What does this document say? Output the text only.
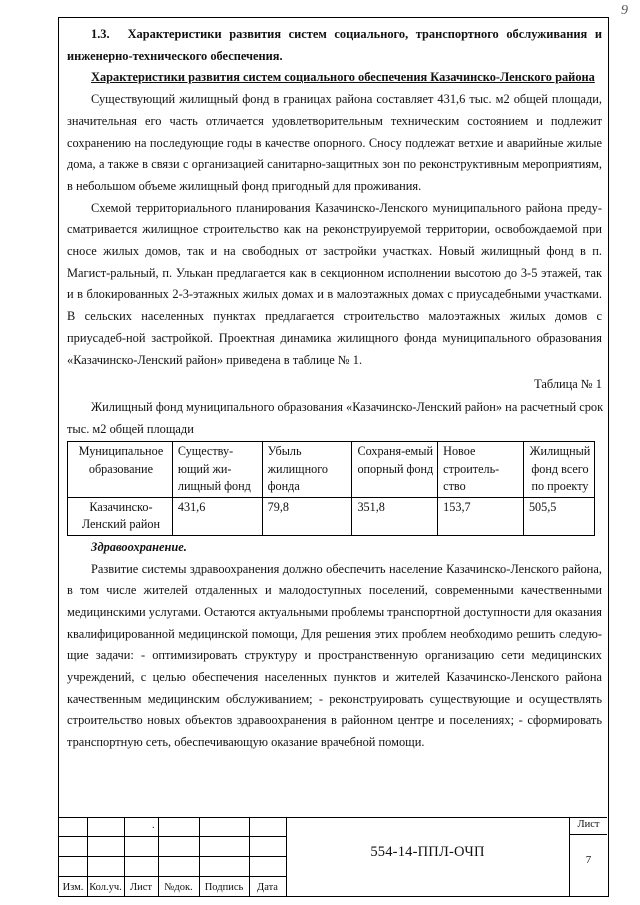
9
1.3. Характеристики развития систем социального, транспортного обслуживания и инженерно-технического обеспечения.
Характеристики развития систем социального обеспечения Казачинско-Ленского района

Существующий жилищный фонд в границах района составляет 431,6 тыс. м2 общей площади, значительная его часть отличается удовлетворительным техническим состоянием и подлежит сохранению на последующие годы в качестве опорного. Сносу подлежат ветхие и аварийные жилые дома, а также в связи с организацией санитарно-защитных зон по реконструктивным мероприятиям, в небольшом объеме жилищный фонд пригодный для проживания.

Схемой территориального планирования Казачинско-Ленского муниципального района преду-сматривается жилищное строительство как на реконструируемой территории, освобождаемой при сносе жилых домов, так и на свободных от застройки участках. Новый жилищный фонд в п. Магист-ральный, п. Улькан предлагается как в секционном исполнении высотою до 3-5 этажей, так и в блокированных 2-3-этажных жилых домах и в малоэтажных домах с приусадебными участками. В сельских населенных пунктах предлагается строительство малоэтажных жилых домов с приусадеб-ной застройкой. Проектная динамика жилищного фонда муниципального образования «Казачинско-Ленский район» приведена в таблице № 1.

Таблица № 1
Жилищный фонд муниципального образования «Казачинско-Ленский район» на расчетный срок
тыс. м2 общей площади
Муниципальное образование	Существу-ющий жи-лищный фонд	Убыль жилищного фонда	Сохраня-емый опорный фонд	Новое строитель-ство	Жилищный фонд всего по проекту
Казачинско-Ленский район	431,6	79,8	351,8	153,7	505,5
Здравоохранение.

Развитие системы здравоохранения должно обеспечить население Казачинско-Ленского района, в том числе жителей отдаленных и малодоступных поселений, современными качественными медицинскими услугами. Остаются актуальными проблемы транспортной доступности для оказания квалифицированной медицинской помощи, Для решения этих проблем необходимо решить следую-щие задачи: - оптимизировать структуру и пространственную организацию сети медицинских учреждений, с целью обеспечения населенных пунктов и жителей Казачинско-Ленского района качественным медицинским обслуживанием; - реконструировать существующие и осуществлять строительство новых объектов здравоохранения в районном центре и поселениях; - сформировать транспортную сеть, обеспечивающую оказание врачебной помощи.

.
Изм. Кол.уч. Лист	№док.	Подпись	Дата
554-14-ППЛ-ОЧП
Лист
7
